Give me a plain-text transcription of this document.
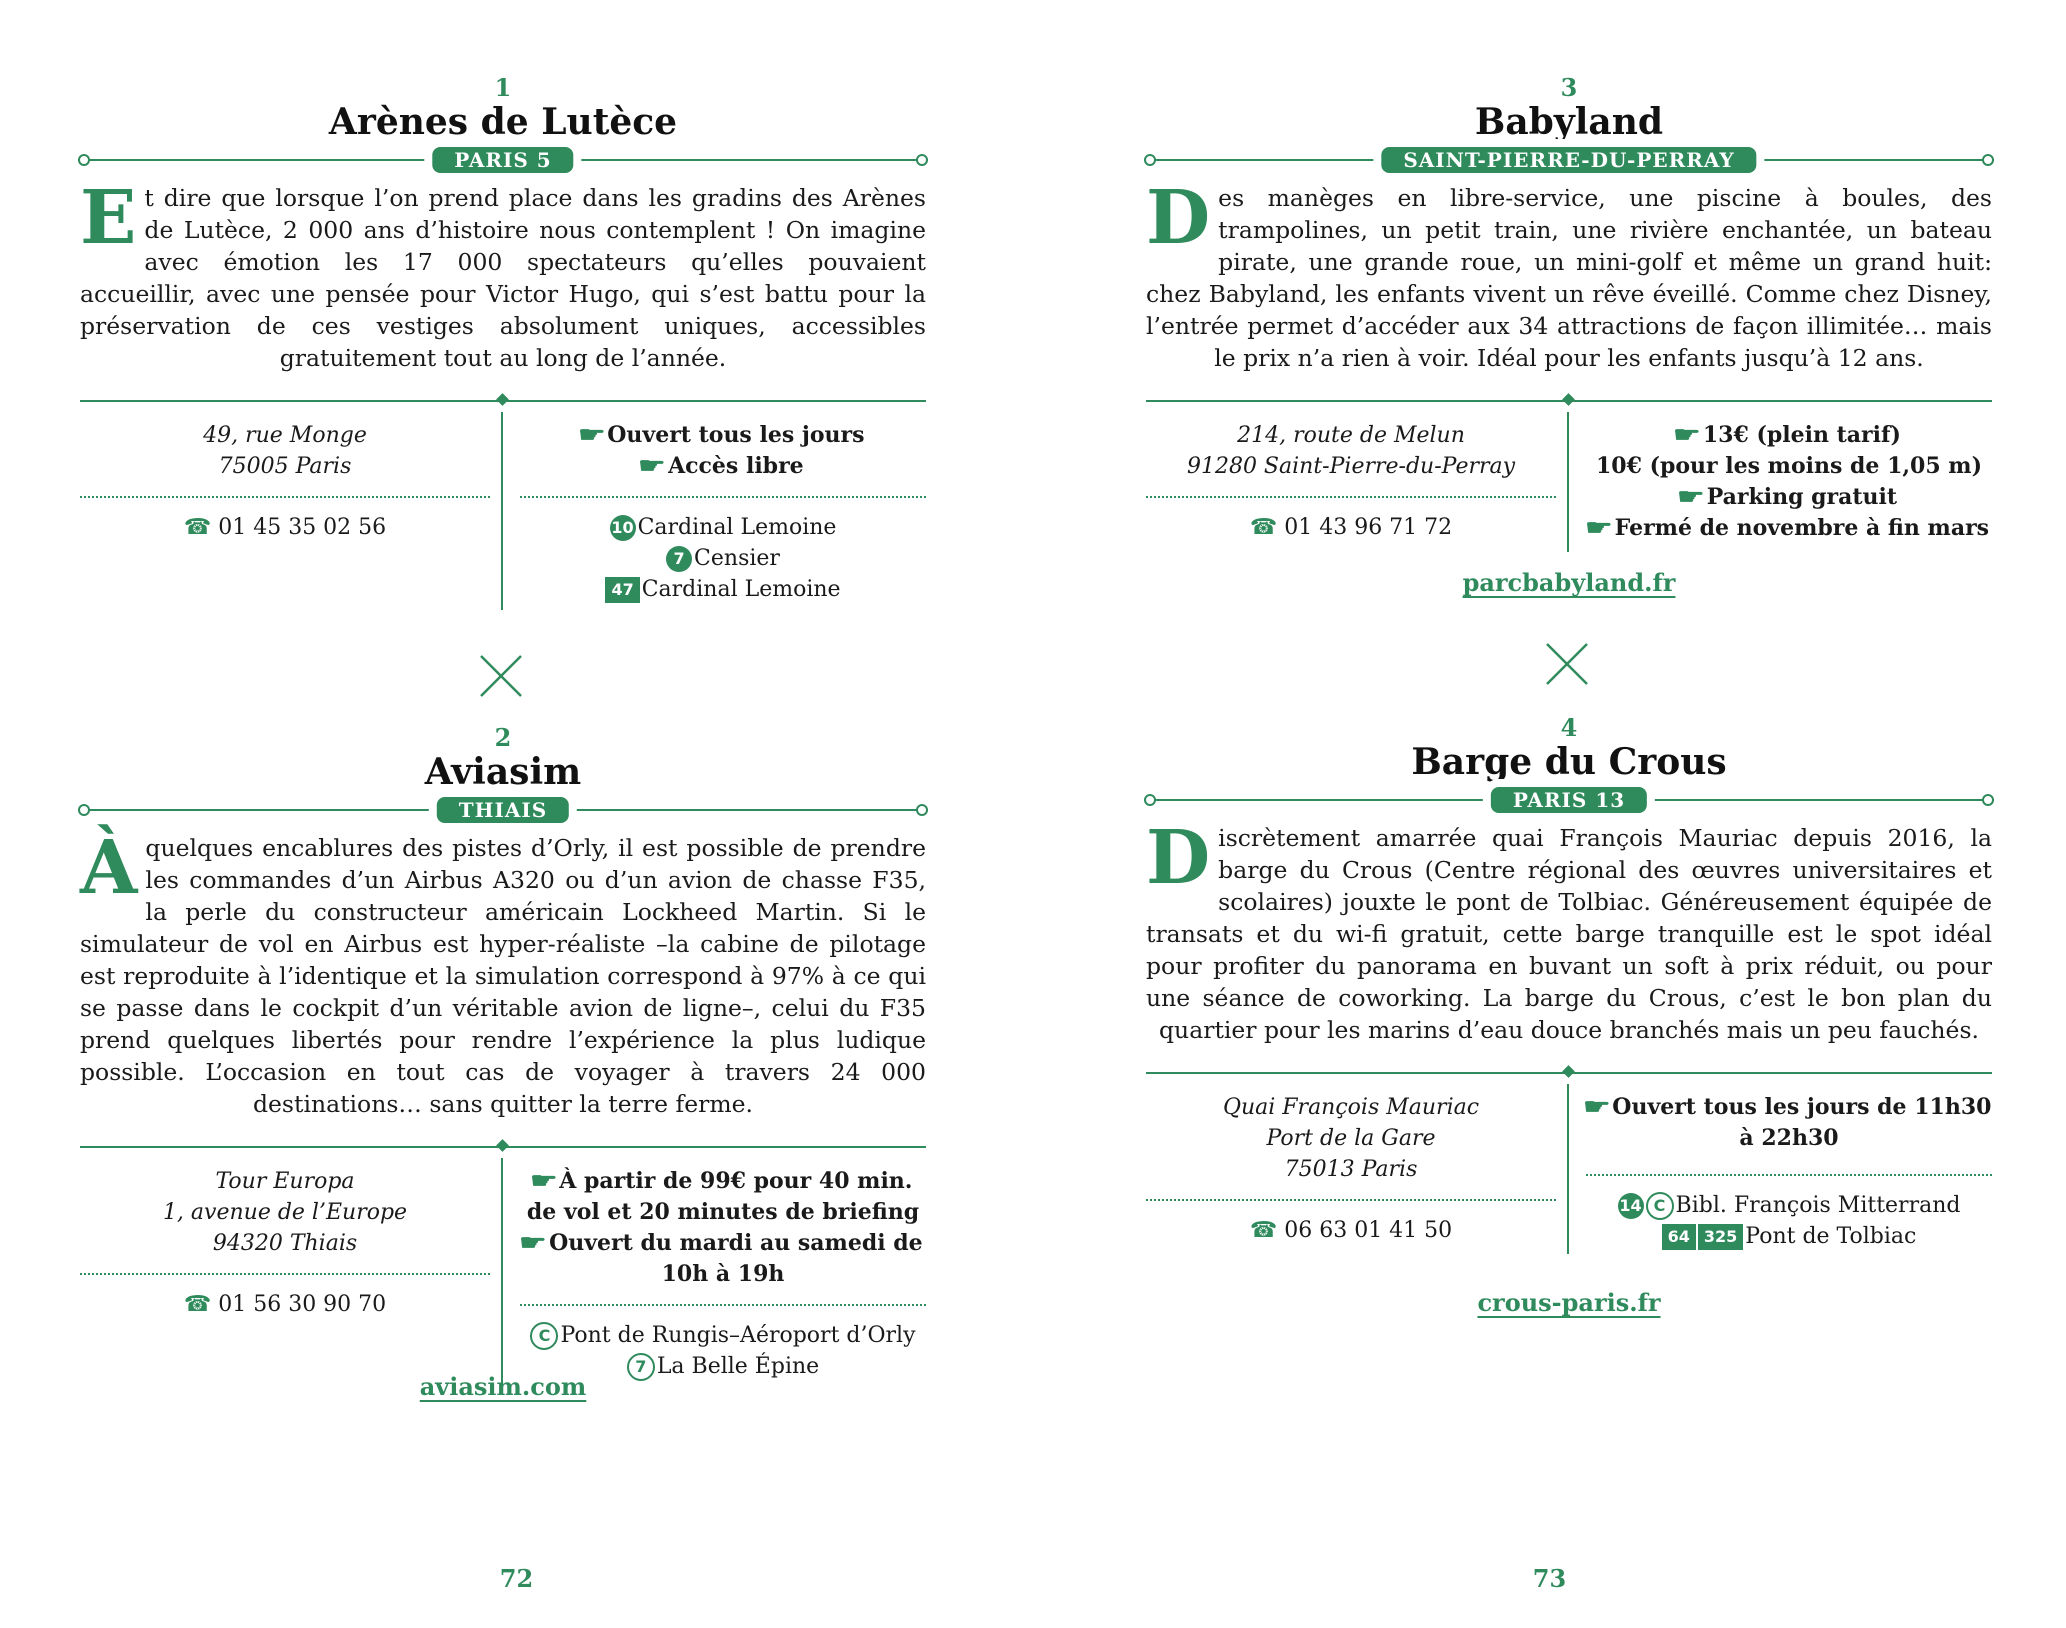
1
Arènes de Lutèce
PARIS 5
Et dire que lorsque l’on prend place dans les gradins des Arènes de Lutèce, 2 000 ans d’histoire nous contemplent ! On imagine avec émotion les 17 000 spectateurs qu’elles pouvaient accueillir, avec une pensée pour Victor Hugo, qui s’est battu pour la préservation de ces vestiges absolument uniques, accessibles gratuitement tout au long de l’année.
49, rue Monge
75005 Paris
☎ 01 45 35 02 56
☛Ouvert tous les jours
☛Accès libre
10 Cardinal Lemoine
7 Censier
47 Cardinal Lemoine
2
Aviasim
THIAIS
Àquelques encablures des pistes d’Orly, il est possible de prendre les commandes d’un Airbus A320 ou d’un avion de chasse F35, la perle du constructeur américain Lockheed Martin. Si le simulateur de vol en Airbus est hyper-réaliste –la cabine de pilotage est reproduite à l’identique et la simulation correspond à 97% à ce qui se passe dans le cockpit d’un véritable avion de ligne–, celui du F35 prend quelques libertés pour rendre l’expérience la plus ludique possible. L’occasion en tout cas de voyager à travers 24 000 destinations… sans quitter la terre ferme.
Tour Europa
1, avenue de l’Europe
94320 Thiais
☎ 01 56 30 90 70
☛À partir de 99€ pour 40 min. de vol et 20 minutes de briefing
☛Ouvert du mardi au samedi de 10h à 19h
C Pont de Rungis–Aéroport d’Orly
7 La Belle Épine
aviasim.com
72
3
Babyland
SAINT-PIERRE-DU-PERRAY
Des manèges en libre-service, une piscine à boules, des trampolines, un petit train, une rivière enchantée, un bateau pirate, une grande roue, un mini-golf et même un grand huit: chez Babyland, les enfants vivent un rêve éveillé. Comme chez Disney, l’entrée permet d’accéder aux 34 attractions de façon illimitée… mais le prix n’a rien à voir. Idéal pour les enfants jusqu’à 12 ans.
214, route de Melun
91280 Saint-Pierre-du-Perray
☎ 01 43 96 71 72
☛13€ (plein tarif)
10€ (pour les moins de 1,05 m)
☛Parking gratuit
☛Fermé de novembre à fin mars
parcbabyland.fr
4
Barge du Crous
PARIS 13
Discrètement amarrée quai François Mauriac depuis 2016, la barge du Crous (Centre régional des œuvres universitaires et scolaires) jouxte le pont de Tolbiac. Généreusement équipée de transats et du wi-fi gratuit, cette barge tranquille est le spot idéal pour profiter du panorama en buvant un soft à prix réduit, ou pour une séance de coworking. La barge du Crous, c’est le bon plan du quartier pour les marins d’eau douce branchés mais un peu fauchés.
Quai François Mauriac
Port de la Gare
75013 Paris
☎ 06 63 01 41 50
☛Ouvert tous les jours de 11h30 à 22h30
14 C Bibl. François Mitterrand
64 325 Pont de Tolbiac
crous-paris.fr
73
